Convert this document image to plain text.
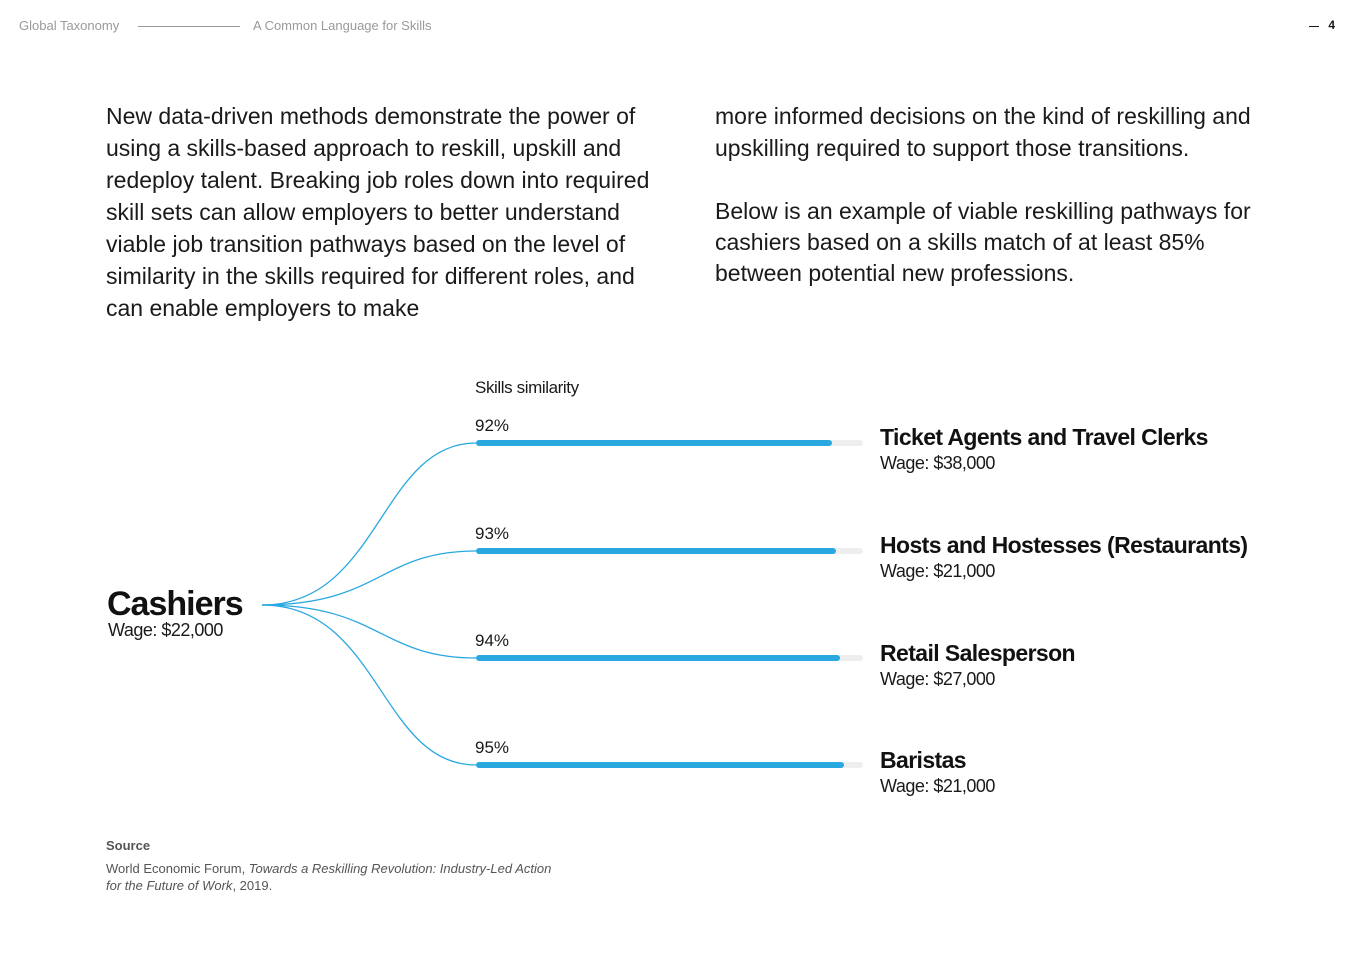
Global Taxonomy	A Common Language for Skills	4

New data-driven methods demonstrate the power of using a skills-based approach to reskill, upskill and redeploy talent. Breaking job roles down into required skill sets can allow employers to better understand viable job transition pathways based on the level of similarity in the skills required for different roles, and can enable employers to make

more informed decisions on the kind of reskilling and upskilling required to support those transitions.

Below is an example of viable reskilling pathways for cashiers based on a skills match of at least 85% between potential new professions.

Skills similarity
Cashiers
Wage: $22,000
92%	Ticket Agents and Travel Clerks
Wage: $38,000
93%	Hosts and Hostesses (Restaurants)
Wage: $21,000
94%	Retail Salesperson
Wage: $27,000
95%	Baristas
Wage: $21,000
Source

World Economic Forum, Towards a Reskilling Revolution: Industry-Led Action for the Future of Work, 2019.
